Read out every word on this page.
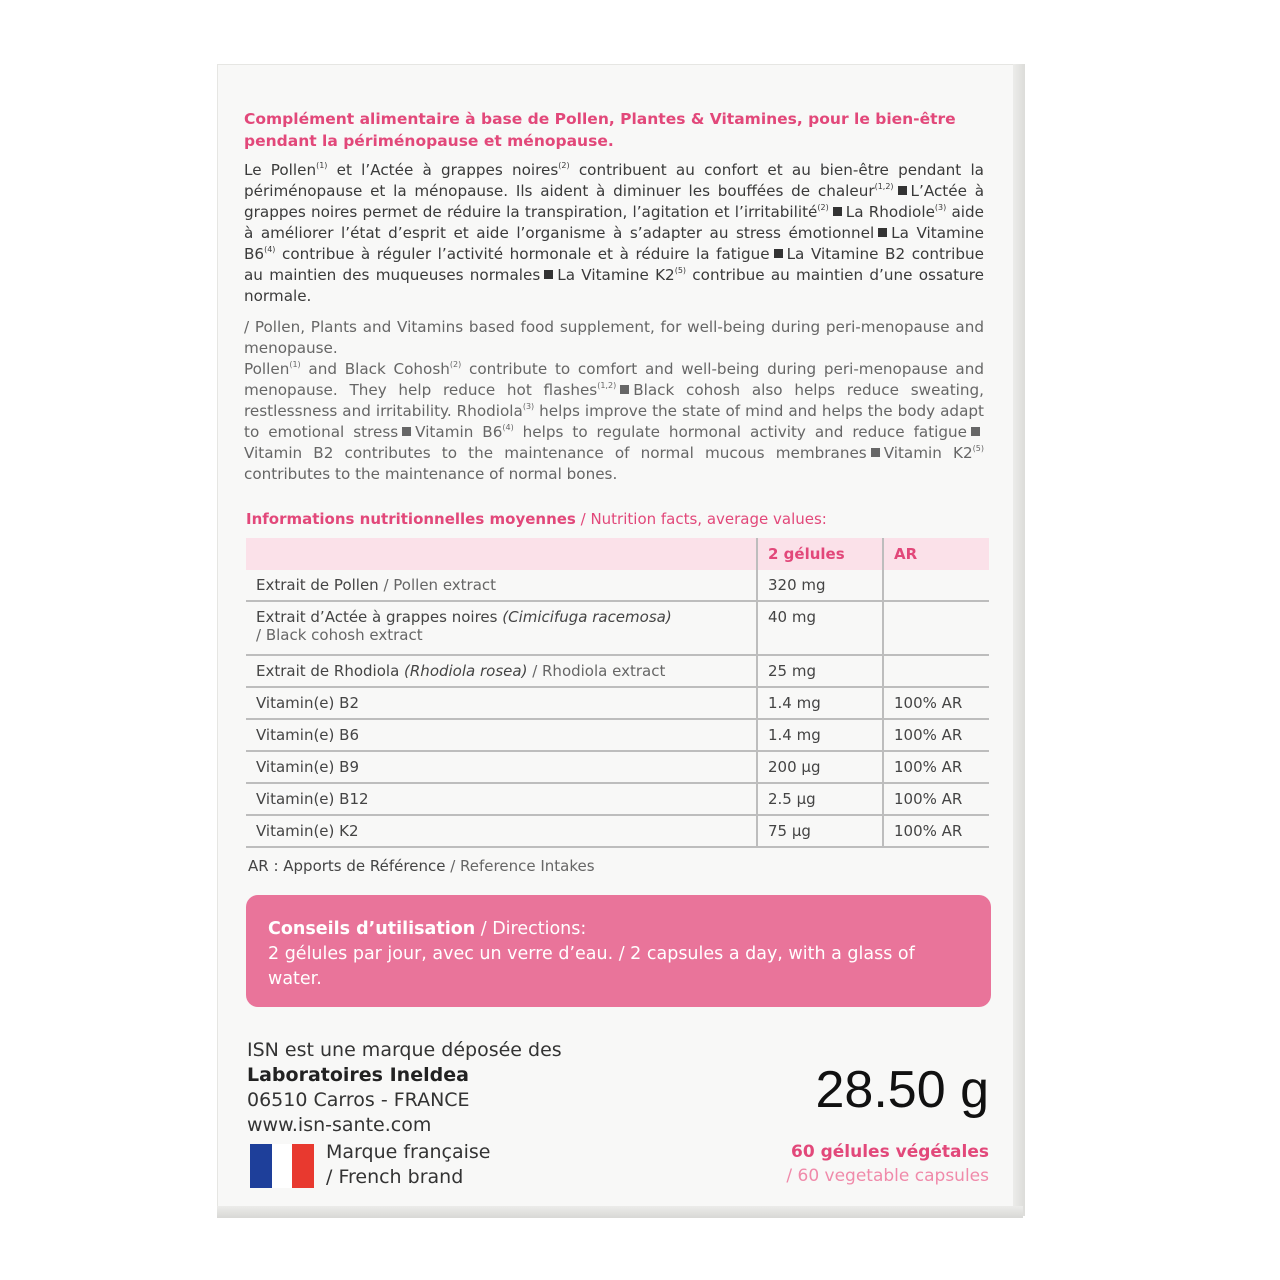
Complément alimentaire à base de Pollen, Plantes & Vitamines, pour le bien-être pendant la périménopause et ménopause.

Le Pollen$^{(1)}$ et l’Actée à grappes noires$^{(2)}$ contribuent au confort et au bien-être pendant la périménopause et la ménopause. Ils aident à diminuer les bouffées de chaleur$^{(1,2)}$ L’Actée à grappes noires permet de réduire la transpiration, l’agitation et l’irritabilité$^{(2)}$ La Rhodiole$^{(3)}$ aide à améliorer l’état d’esprit et aide l’organisme à s’adapter au stress émotionnel La Vitamine B6$^{(4)}$ contribue à réguler l’activité hormonale et à réduire la fatigue La Vitamine B2 contribue au maintien des muqueuses normales La Vitamine K2$^{(5)}$ contribue au maintien d’une ossature normale.

/ Pollen, Plants and Vitamins based food supplement, for well-being during peri-menopause and menopause.

Pollen$^{(1)}$ and Black Cohosh$^{(2)}$ contribute to comfort and well-being during peri-menopause and menopause. They help reduce hot flashes$^{(1,2)}$ Black cohosh also helps reduce sweating, restlessness and irritability. Rhodiola$^{(3)}$ helps improve the state of mind and helps the body adapt to emotional stress Vitamin B6$^{(4)}$ helps to regulate hormonal activity and reduce fatigueVitamin B2 contributes to the maintenance of normal mucous membranes Vitamin K2$^{(5)}$ contributes to the maintenance of normal bones.

Informations nutritionnelles moyennes / Nutrition facts, average values:
	2 gélules	AR
Extrait de Pollen / Pollen extract	320 mg	
Extrait d’Actée à grappes noires (Cimicifuga racemosa)
/ Black cohosh extract	40 mg	
Extrait de Rhodiola (Rhodiola rosea) / Rhodiola extract	25 mg	
Vitamin(e) B2	1.4 mg	100% AR
Vitamin(e) B6	1.4 mg	100% AR
Vitamin(e) B9	200 µg	100% AR
Vitamin(e) B12	2.5 µg	100% AR
Vitamin(e) K2	75 µg	100% AR
AR : Apports de Référence / Reference Intakes
Conseils d’utilisation / Directions:
2 gélules par jour, avec un verre d’eau. / 2 capsules a day, with a glass of water.
ISN est une marque déposée des
Laboratoires Ineldea
06510 Carros - FRANCE
www.isn-sante.com
Marque française
/ French brand
28.50 g
60 gélules végétales
/ 60 vegetable capsules
